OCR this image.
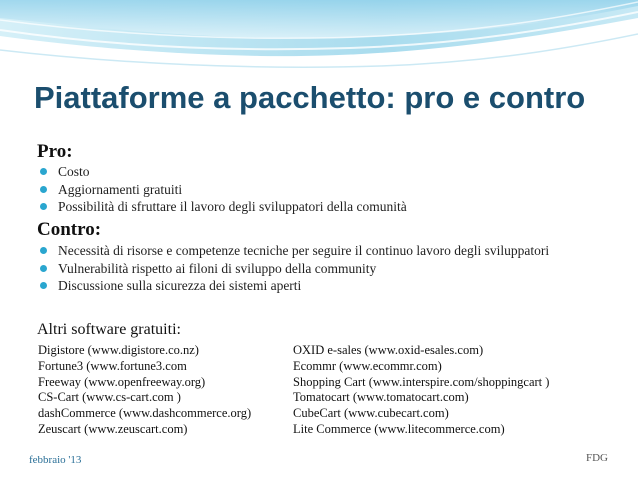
Piattaforme a pacchetto: pro e contro
Pro:
Costo
Aggiornamenti gratuiti
Possibilità di sfruttare il lavoro degli sviluppatori della comunità
Contro:
Necessità di risorse e competenze tecniche per seguire il continuo lavoro degli sviluppatori
Vulnerabilità rispetto ai filoni di sviluppo della community
Discussione sulla sicurezza dei sistemi aperti
Altri software gratuiti:
Digistore (www.digistore.co.nz)
Fortune3 (www.fortune3.com
Freeway (www.openfreeway.org)
CS-Cart (www.cs-cart.com )
dashCommerce (www.dashcommerce.org)
Zeuscart (www.zeuscart.com)
OXID e-sales (www.oxid-esales.com)
Ecommr (www.ecommr.com)
Shopping Cart (www.interspire.com/shoppingcart )
Tomatocart (www.tomatocart.com)
CubeCart (www.cubecart.com)
Lite Commerce (www.litecommerce.com)
febbraio '13	FDG
